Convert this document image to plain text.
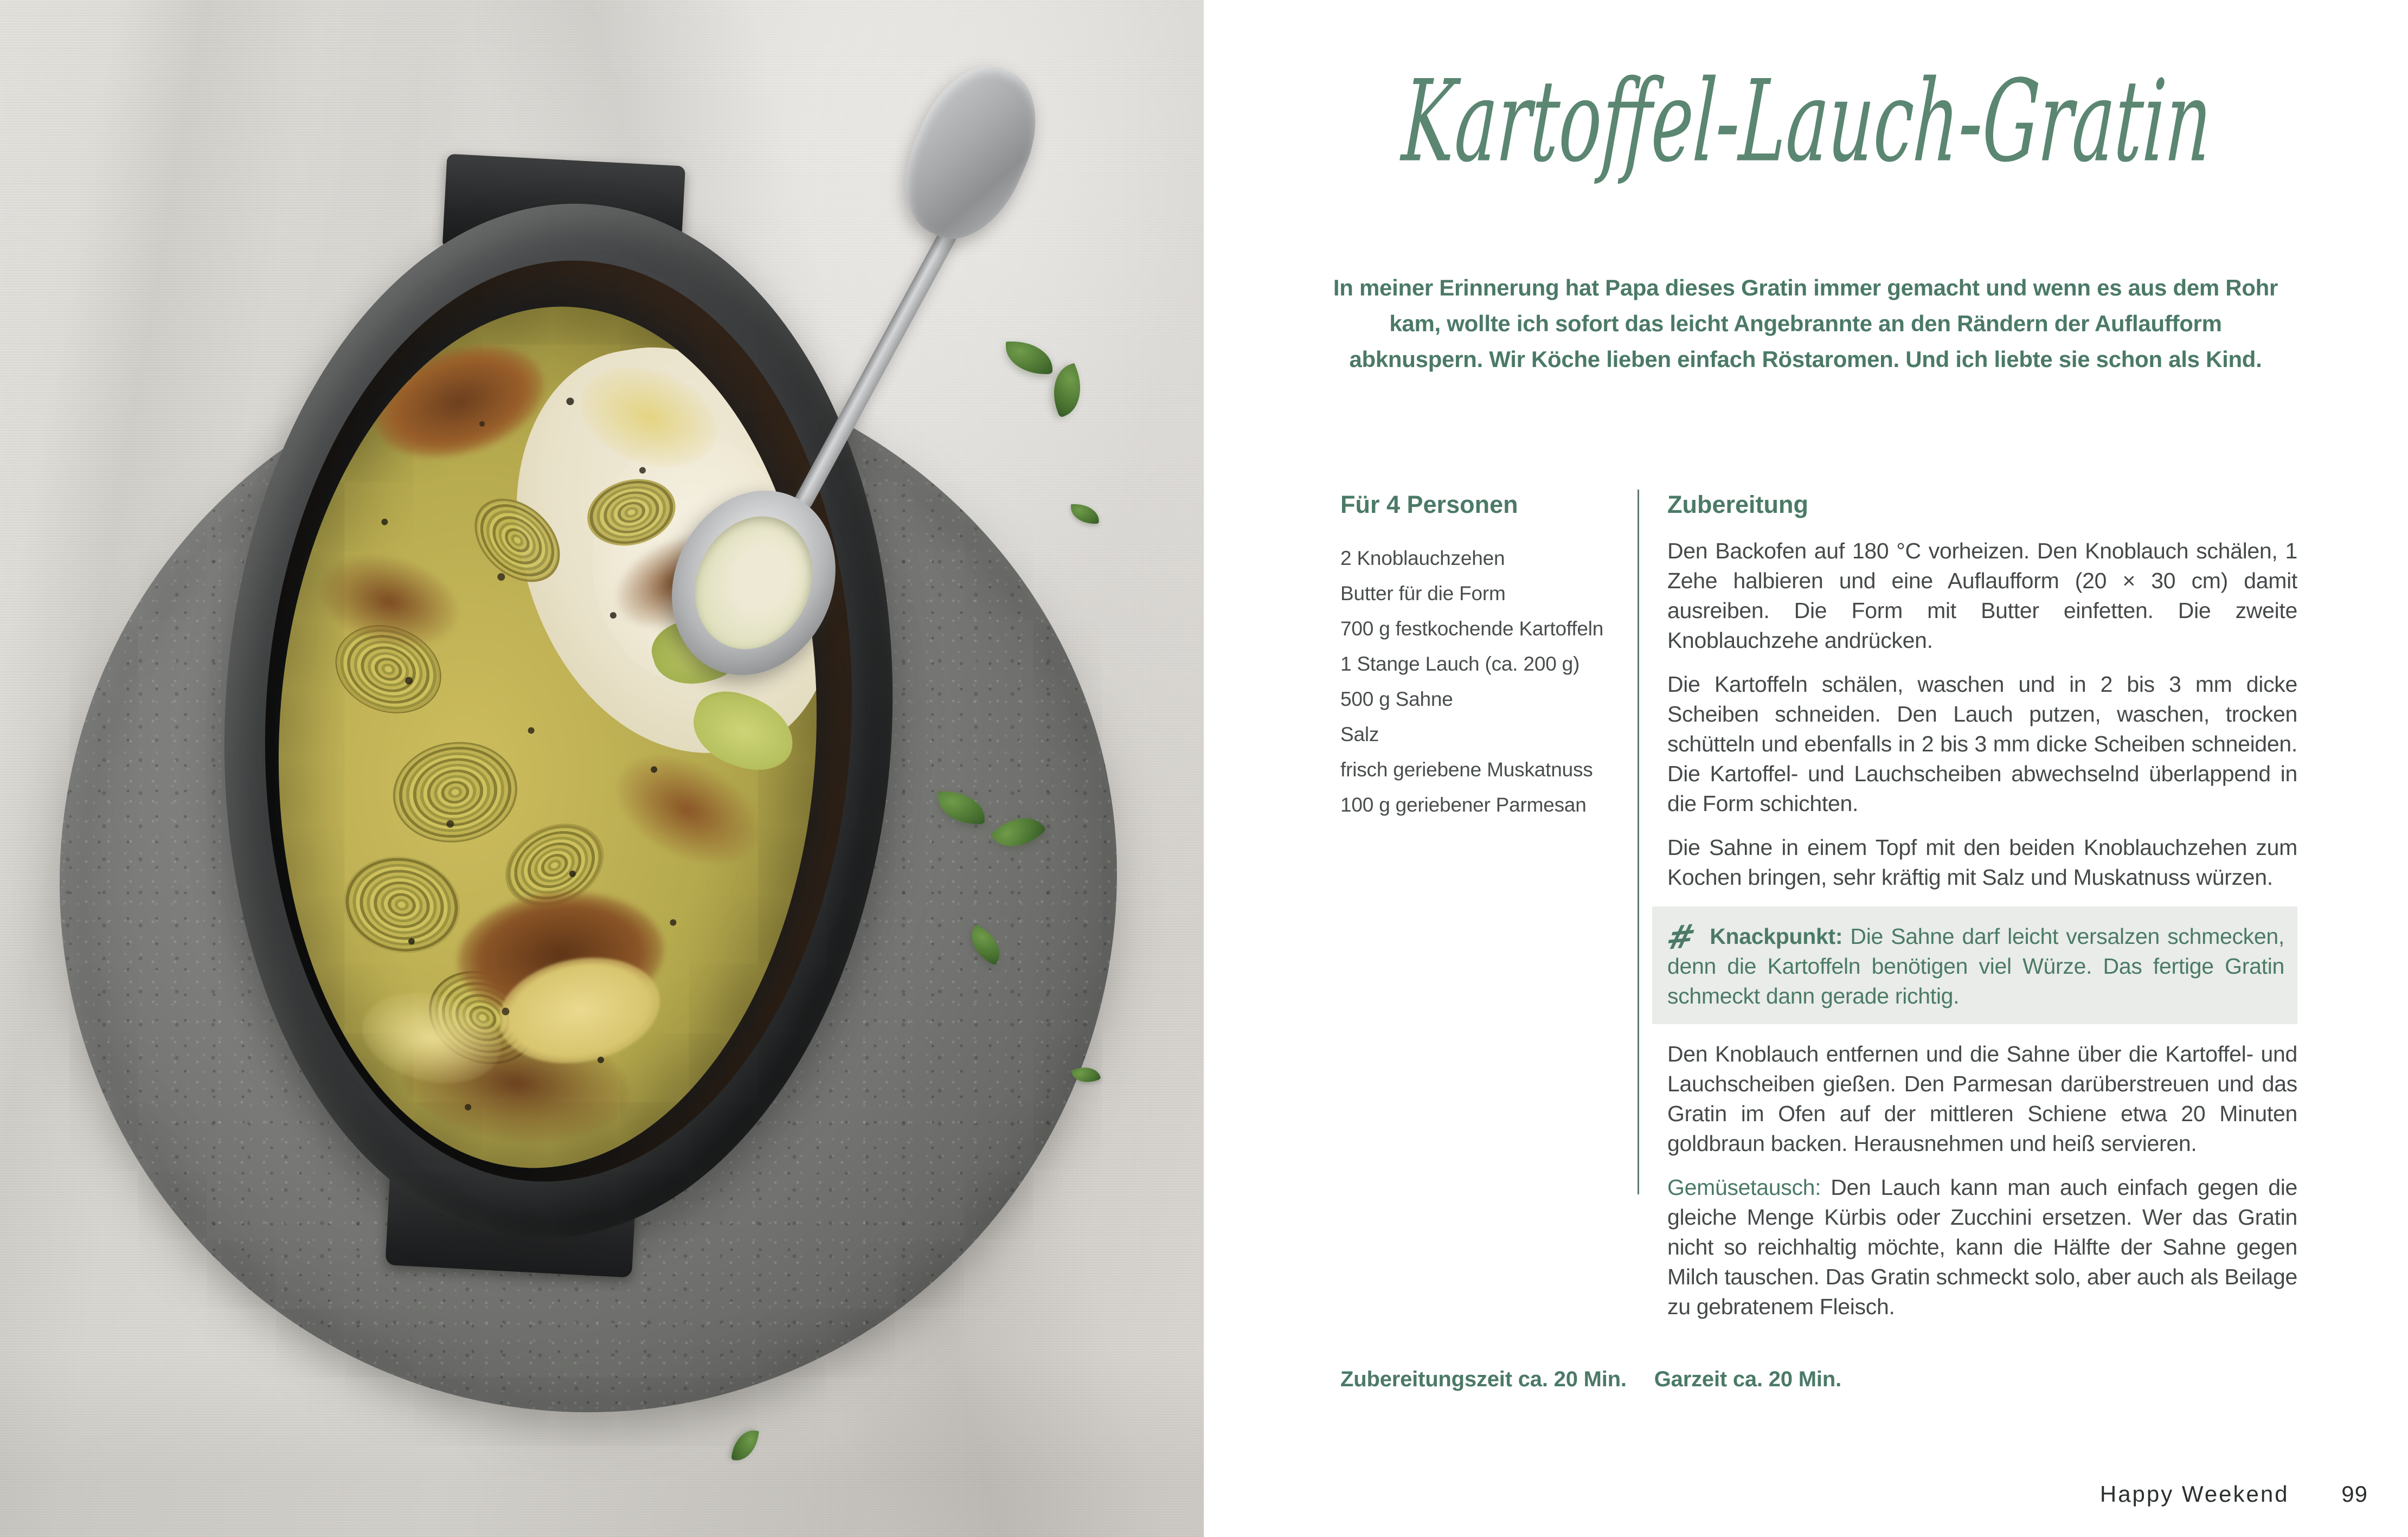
Kartoffel-Lauch-Gratin

In meiner Erinnerung hat Papa dieses Gratin immer gemacht und wenn es aus dem Rohr kam, wollte ich sofort das leicht Angebrannte an den Rändern der Auflaufform abknuspern. Wir Köche lieben einfach Röstaromen. Und ich liebte sie schon als Kind.

Für 4 Personen
2 Knoblauchzehen
Butter für die Form
700 g festkochende Kartoffeln
1 Stange Lauch (ca. 200 g)
500 g Sahne
Salz
frisch geriebene Muskatnuss
100 g geriebener Parmesan
Zubereitung

Den Backofen auf 180 °C vorheizen. Den Knoblauch schälen, 1 Zehe halbieren und eine Auflaufform (20 × 30 cm) damit ausreiben. Die Form mit Butter einfetten. Die zweite Knoblauchzehe andrücken.

Die Kartoffeln schälen, waschen und in 2 bis 3 mm dicke Scheiben schneiden. Den Lauch putzen, waschen, trocken schütteln und ebenfalls in 2 bis 3 mm dicke Scheiben schneiden. Die Kartoffel- und Lauchscheiben abwechselnd überlappend in die Form schichten.

Die Sahne in einem Topf mit den beiden Knoblauchzehen zum Kochen bringen, sehr kräftig mit Salz und Muskatnuss würzen.

# Knackpunkt: Die Sahne darf leicht versalzen schmecken, denn die Kartoffeln benötigen viel Würze. Das fertige Gratin schmeckt dann gerade richtig.

Den Knoblauch entfernen und die Sahne über die Kartoffel- und Lauchscheiben gießen. Den Parmesan darüberstreuen und das Gratin im Ofen auf der mittleren Schiene etwa 20 Minuten goldbraun backen. Herausnehmen und heiß servieren.

Gemüsetausch: Den Lauch kann man auch einfach gegen die gleiche Menge Kürbis oder Zucchini ersetzen. Wer das Gratin nicht so reichhaltig möchte, kann die Hälfte der Sahne gegen Milch tauschen. Das Gratin schmeckt solo, aber auch als Beilage zu gebratenem Fleisch.

Zubereitungszeit ca. 20 Min. Garzeit ca. 20 Min.

Happy Weekend 99
